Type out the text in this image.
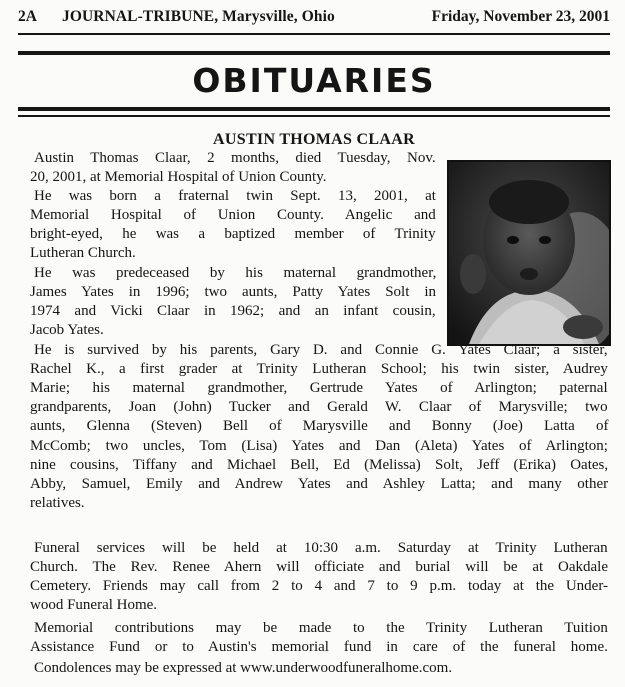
2A JOURNAL-TRIBUNE, Marysville, Ohio	Friday, November 23, 2001
OBITUARIES
AUSTIN THOMAS CLAAR
Austin Thomas Claar, 2 months, died Tuesday, Nov.
20, 2001, at Memorial Hospital of Union County.
He was born a fraternal twin Sept. 13, 2001, at
Memorial Hospital of Union County. Angelic and
bright-eyed, he was a baptized member of Trinity
Lutheran Church.
He was predeceased by his maternal grandmother,
James Yates in 1996; two aunts, Patty Yates Solt in
1974 and Vicki Claar in 1962; and an infant cousin,
Jacob Yates.
He is survived by his parents, Gary D. and Connie G. Yates Claar; a sister,
Rachel K., a first grader at Trinity Lutheran School; his twin sister, Audrey
Marie; his maternal grandmother, Gertrude Yates of Arlington; paternal
grandparents, Joan (John) Tucker and Gerald W. Claar of Marysville; two
aunts, Glenna (Steven) Bell of Marysville and Bonny (Joe) Latta of
McComb; two uncles, Tom (Lisa) Yates and Dan (Aleta) Yates of Arlington;
nine cousins, Tiffany and Michael Bell, Ed (Melissa) Solt, Jeff (Erika) Oates,
Abby, Samuel, Emily and Andrew Yates and Ashley Latta; and many other
relatives.
Funeral services will be held at 10:30 a.m. Saturday at Trinity Lutheran
Church. The Rev. Renee Ahern will officiate and burial will be at Oakdale
Cemetery. Friends may call from 2 to 4 and 7 to 9 p.m. today at the Under-
wood Funeral Home.
Memorial contributions may be made to the Trinity Lutheran Tuition
Assistance Fund or to Austin's memorial fund in care of the funeral home.
Condolences may be expressed at www.underwoodfuneralhome.com.
